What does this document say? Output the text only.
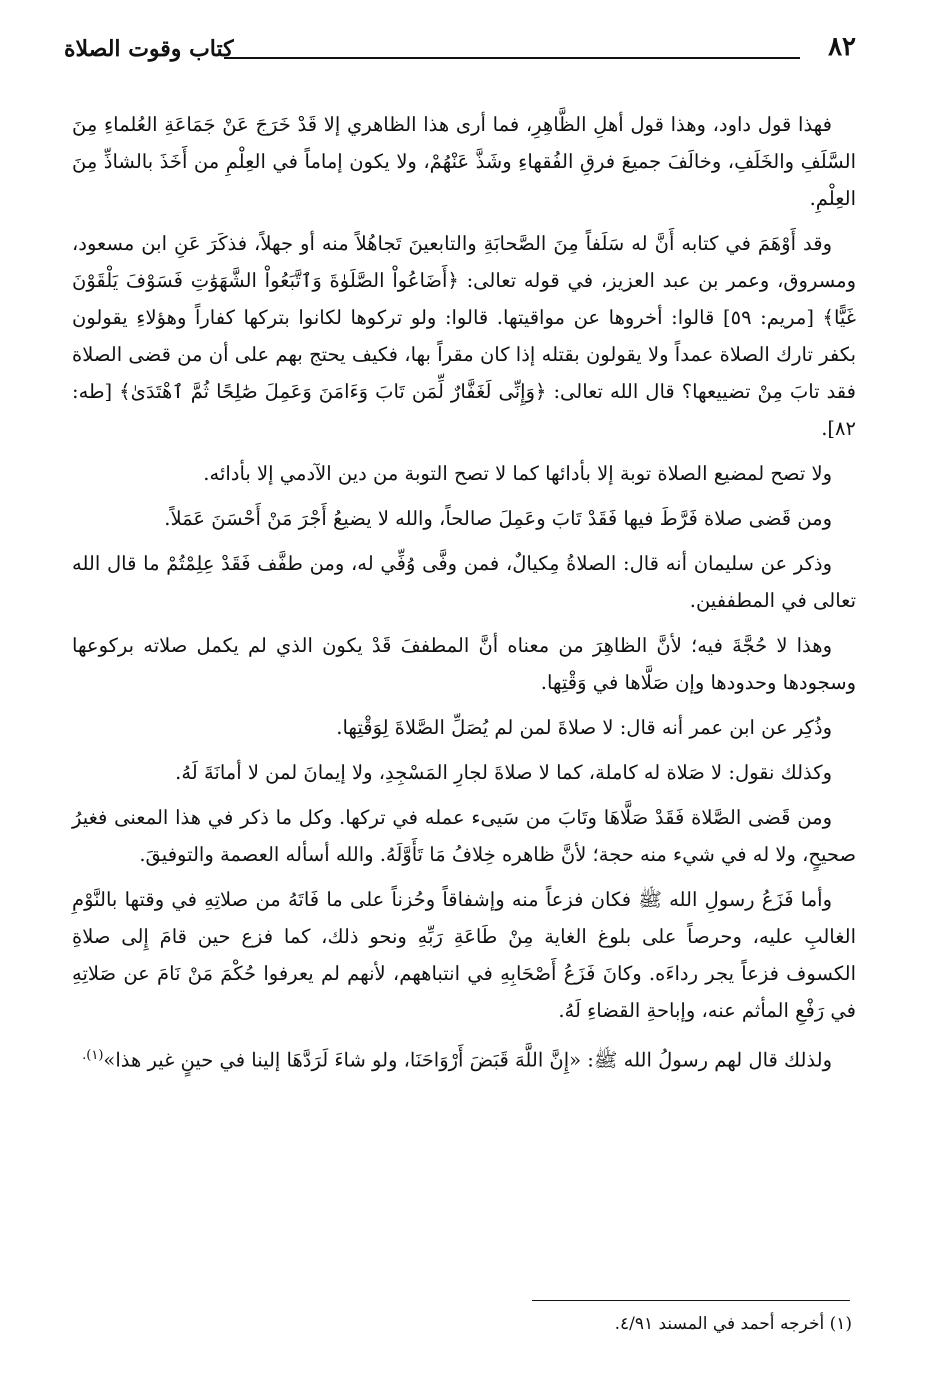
كتاب وقوت الصلاة	٨٢

فهذا قول داود، وهذا قول أهلِ الظَّاهِرِ، فما أرى هذا الظاهري إلا قَدْ خَرَجَ عَنْ جَمَاعَةِ العُلماءِ مِنَ السَّلَفِ والخَلَفِ، وخالَفَ جميعَ فرقِ الفُقهاءِ وشَذَّ عَنْهُمْ، ولا يكون إماماً في العِلْمِ من أَخَذَ بالشاذِّ مِنَ العِلْمِ.

وقد أَوْهَمَ في كتابه أَنَّ له سَلَفاً مِنَ الصَّحابَةِ والتابعينَ تَجاهُلاً منه أو جهلاً، فذكَرَ عَنِ ابن مسعود، ومسروق، وعمر بن عبد العزيز، في قوله تعالى: ﴿أَضَاعُواْ الصَّلَوٰةَ وَٱتَّبَعُواْ الشَّهَوَٰتِ فَسَوْفَ يَلْقَوْنَ غَيًّا﴾ [مريم: ٥٩] قالوا: أخروها عن مواقيتها. قالوا: ولو تركوها لكانوا بتركها كفاراً وهؤلاءِ يقولون بكفر تارك الصلاة عمداً ولا يقولون بقتله إذا كان مقراً بها، فكيف يحتج بهم على أن من قضى الصلاة فقد تابَ مِنْ تضييعها؟ قال الله تعالى: ﴿وَإِنِّى لَغَفَّارٌ لِّمَن تَابَ وَءَامَنَ وَعَمِلَ صَٰلِحًا ثُمَّ ٱهْتَدَىٰ﴾ [طه: ٨٢].

ولا تصح لمضيع الصلاة توبة إلا بأدائها كما لا تصح التوبة من دين الآدمي إلا بأدائه.

ومن قَضى صلاة فَرَّطَ فيها فَقَدْ تَابَ وعَمِلَ صالحاً، والله لا يضيعُ أَجْرَ مَنْ أَحْسَنَ عَمَلاً.

وذكر عن سليمان أنه قال: الصلاةُ مِكيالٌ، فمن وفَّى وُفِّي له، ومن طفَّف فَقَدْ عِلِمْتُمْ ما قال الله تعالى في المطففين.

وهذا لا حُجَّةَ فيه؛ لأنَّ الظاهِرَ من معناه أنَّ المطففَ قَدْ يكون الذي لم يكمل صلاته بركوعها وسجودها وحدودها وإن صَلَّاها في وَقْتِها.

وذُكِر عن ابن عمر أنه قال: لا صلاةَ لمن لم يُصَلِّ الصَّلاةَ لِوَقْتِها.

وكذلك نقول: لا صَلاة له كاملة، كما لا صلاةَ لجارِ المَسْجِدِ، ولا إيمانَ لمن لا أمانَةَ لَهُ.

ومن قَضى الصَّلاة فَقَدْ صَلَّاهَا وتَابَ من سَيىء عمله في تركها. وكل ما ذكر في هذا المعنى فغيرُ صحيحٍ، ولا له في شيء منه حجة؛ لأنَّ ظاهره خِلافُ مَا تَأَوَّلَهُ. والله أسأله العصمة والتوفيقَ.

وأما فَزَعُ رسولِ الله ﷺ فكان فزعاً منه وإشفاقاً وحُزناً على ما فَاتَهُ من صلاتِهِ في وقتها بالنَّوْمِ الغالبِ عليه، وحرصاً على بلوغ الغاية مِنْ طَاعَةِ رَبِّهِ ونحو ذلك، كما فزع حين قامَ إِلى صلاةِ الكسوف فزعاً يجر رداءَه. وكانَ فَزَعُ أَصْحَابِهِ في انتباههم، لأنهم لم يعرفوا حُكْمَ مَنْ نَامَ عن صَلاتِهِ في رَفْعِ المأثم عنه، وإباحةِ القضاءِ لَهُ.

ولذلك قال لهم رسولُ الله ﷺ: «إِنَّ اللَّهَ قَبَضَ أَرْوَاحَنَا، ولو شاءَ لَرَدَّهَا إلينا في حينٍ غير هذا»$^{(١).}$

(١) أخرجه أحمد في المسند ٤/٩١.
